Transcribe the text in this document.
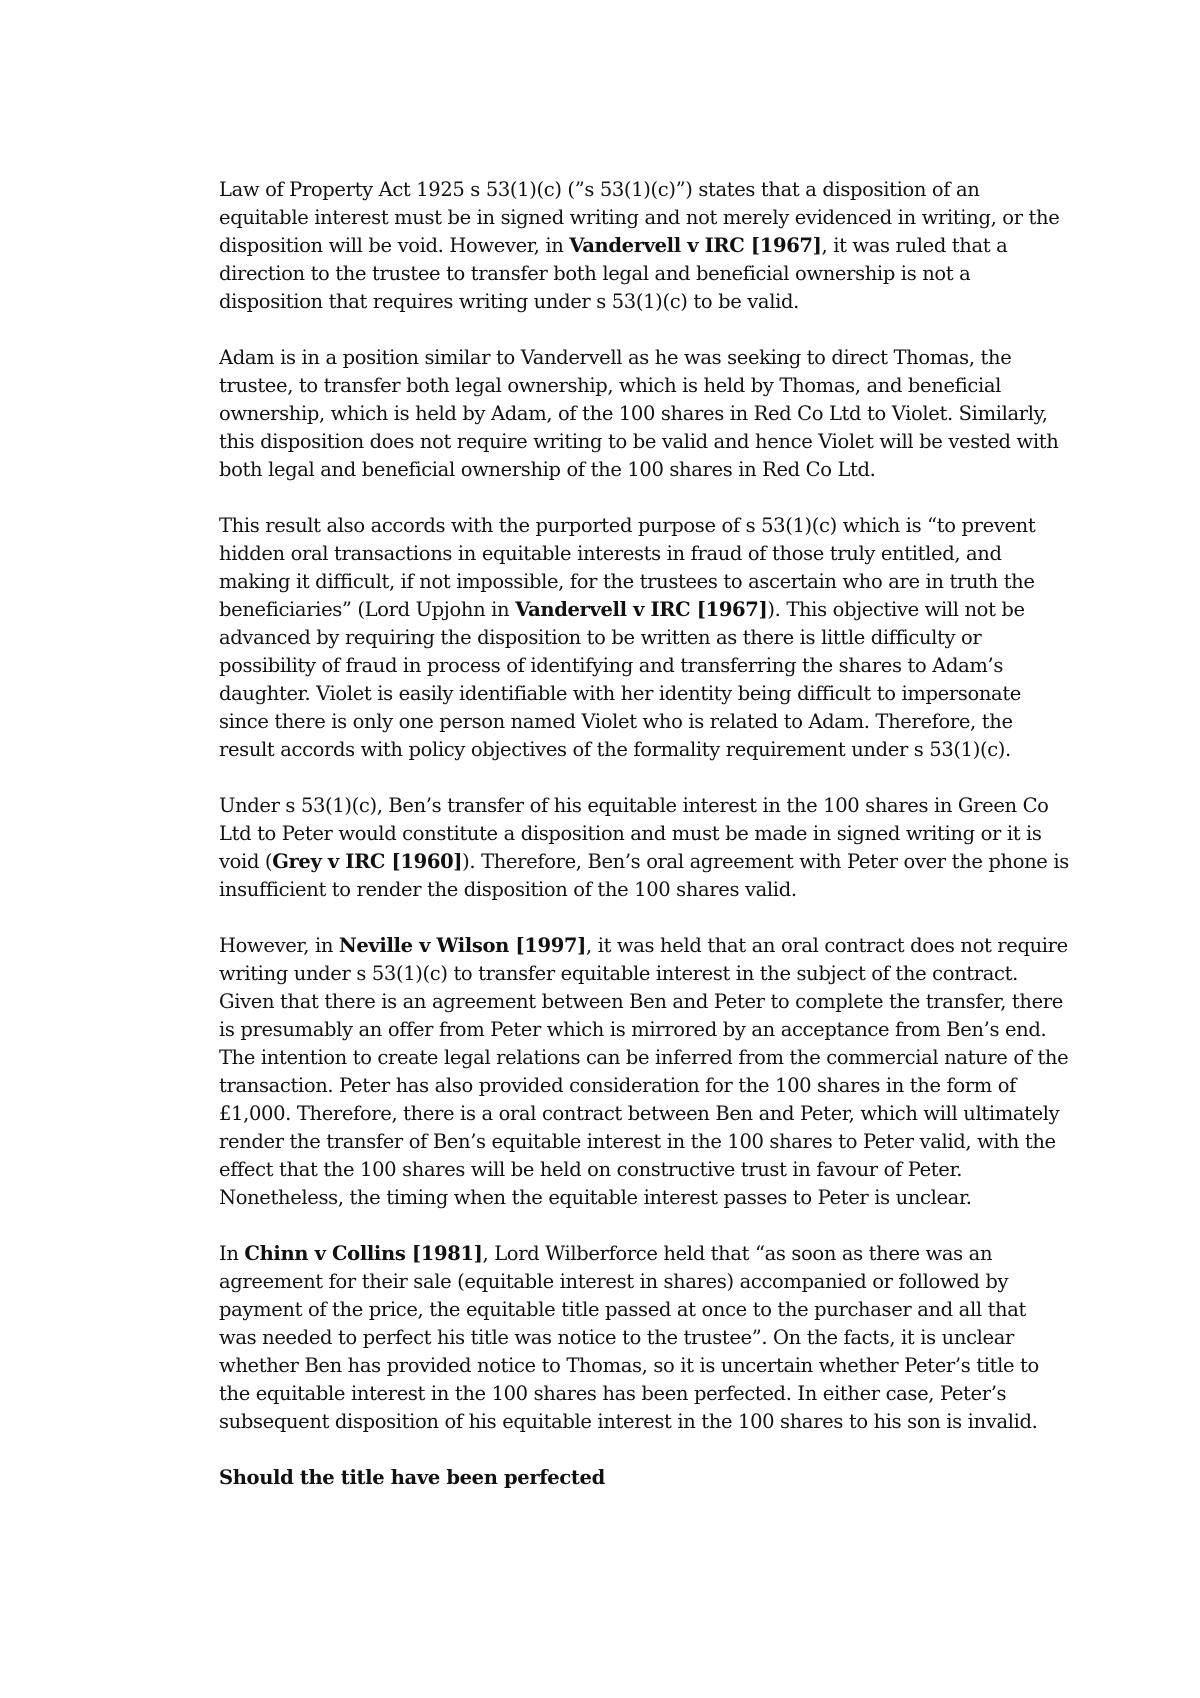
Law of Property Act 1925 s 53(1)(c) (”s 53(1)(c)”) states that a disposition of an equitable interest must be in signed writing and not merely evidenced in writing, or the disposition will be void. However, in Vandervell v IRC [1967], it was ruled that a direction to the trustee to transfer both legal and beneficial ownership is not a disposition that requires writing under s 53(1)(c) to be valid.

Adam is in a position similar to Vandervell as he was seeking to direct Thomas, the trustee, to transfer both legal ownership, which is held by Thomas, and beneficial ownership, which is held by Adam, of the 100 shares in Red Co Ltd to Violet. Similarly, this disposition does not require writing to be valid and hence Violet will be vested with both legal and beneficial ownership of the 100 shares in Red Co Ltd.

This result also accords with the purported purpose of s 53(1)(c) which is “to prevent hidden oral transactions in equitable interests in fraud of those truly entitled, and making it difficult, if not impossible, for the trustees to ascertain who are in truth the beneficiaries” (Lord Upjohn in Vandervell v IRC [1967]). This objective will not be advanced by requiring the disposition to be written as there is little difficulty or possibility of fraud in process of identifying and transferring the shares to Adam’s daughter. Violet is easily identifiable with her identity being difficult to impersonate since there is only one person named Violet who is related to Adam. Therefore, the result accords with policy objectives of the formality requirement under s 53(1)(c).

Under s 53(1)(c), Ben’s transfer of his equitable interest in the 100 shares in Green Co Ltd to Peter would constitute a disposition and must be made in signed writing or it is void (Grey v IRC [1960]). Therefore, Ben’s oral agreement with Peter over the phone is insufficient to render the disposition of the 100 shares valid.

However, in Neville v Wilson [1997], it was held that an oral contract does not require writing under s 53(1)(c) to transfer equitable interest in the subject of the contract. Given that there is an agreement between Ben and Peter to complete the transfer, there is presumably an offer from Peter which is mirrored by an acceptance from Ben’s end. The intention to create legal relations can be inferred from the commercial nature of the transaction. Peter has also provided consideration for the 100 shares in the form of £1,000. Therefore, there is a oral contract between Ben and Peter, which will ultimately render the transfer of Ben’s equitable interest in the 100 shares to Peter valid, with the effect that the 100 shares will be held on constructive trust in favour of Peter. Nonetheless, the timing when the equitable interest passes to Peter is unclear.

In Chinn v Collins [1981], Lord Wilberforce held that “as soon as there was an agreement for their sale (equitable interest in shares) accompanied or followed by payment of the price, the equitable title passed at once to the purchaser and all that was needed to perfect his title was notice to the trustee”. On the facts, it is unclear whether Ben has provided notice to Thomas, so it is uncertain whether Peter’s title to the equitable interest in the 100 shares has been perfected. In either case, Peter’s subsequent disposition of his equitable interest in the 100 shares to his son is invalid.

Should the title have been perfected
